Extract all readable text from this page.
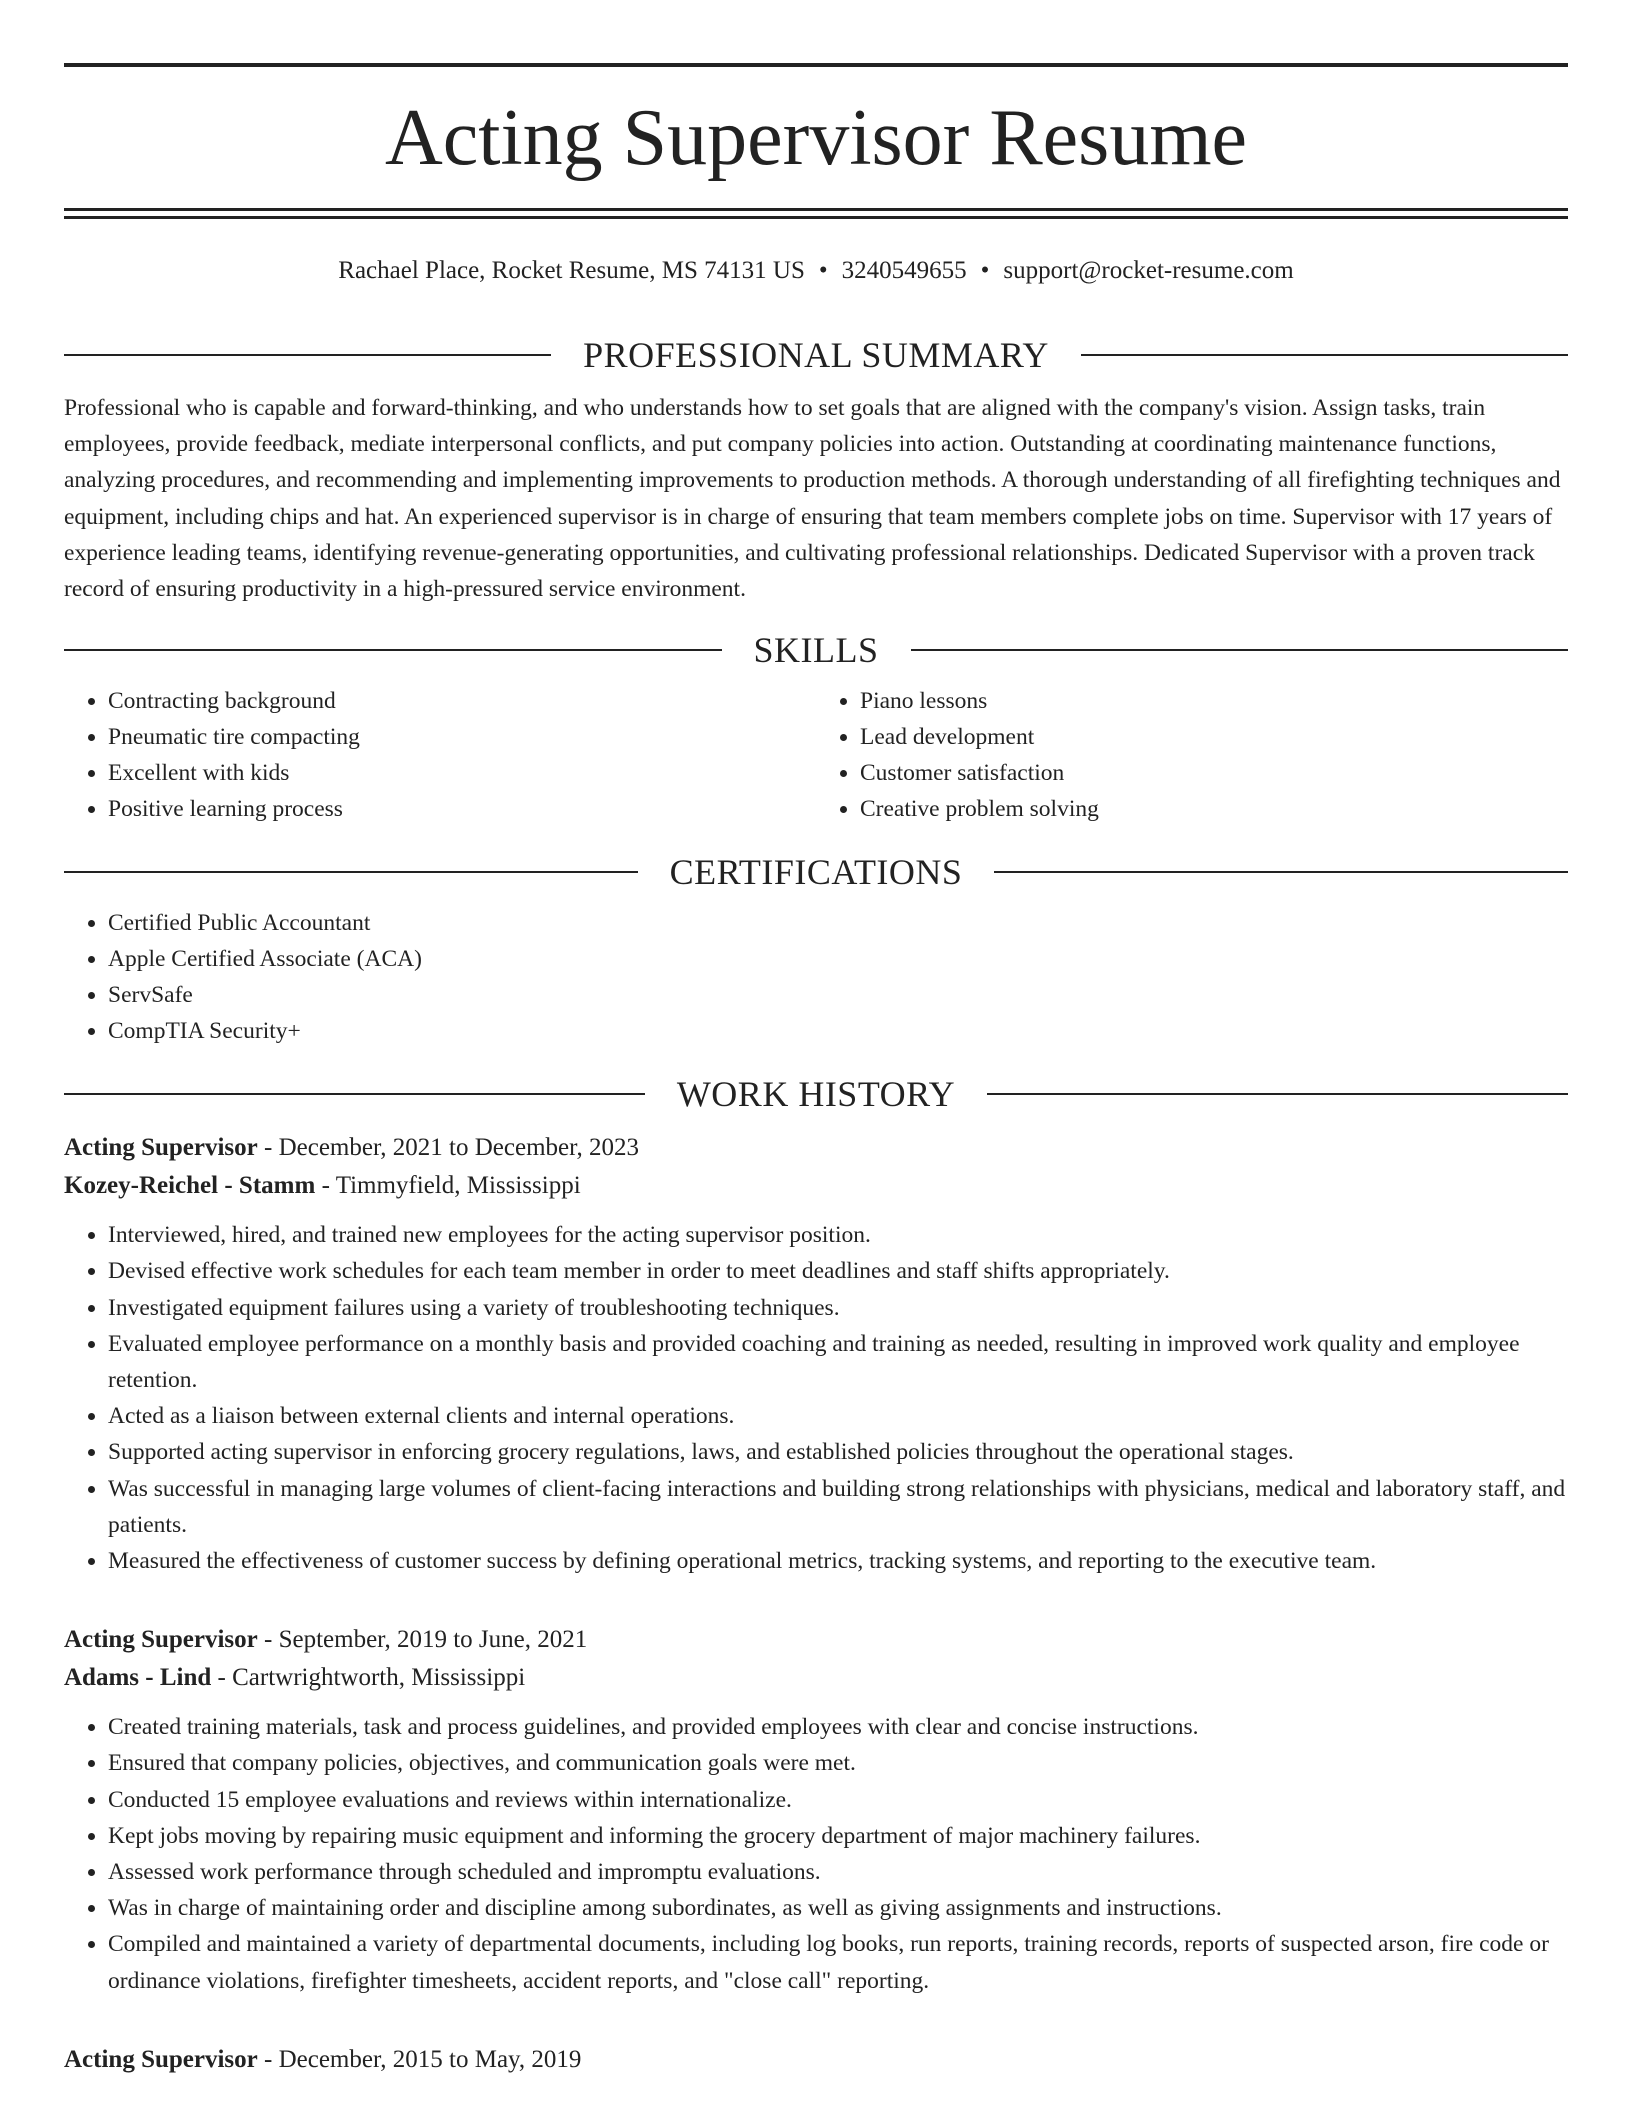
Acting Supervisor Resume
Rachael Place, Rocket Resume, MS 74131 US • 3240549655 • support@rocket-resume.com
PROFESSIONAL SUMMARY

Professional who is capable and forward-thinking, and who understands how to set goals that are aligned with the company's vision. Assign tasks, train employees, provide feedback, mediate interpersonal conflicts, and put company policies into action. Outstanding at coordinating maintenance functions, analyzing procedures, and recommending and implementing improvements to production methods. A thorough understanding of all firefighting techniques and equipment, including chips and hat. An experienced supervisor is in charge of ensuring that team members complete jobs on time. Supervisor with 17 years of experience leading teams, identifying revenue-generating opportunities, and cultivating professional relationships. Dedicated Supervisor with a proven track record of ensuring productivity in a high-pressured service environment.

SKILLS
• Contracting background
• Pneumatic tire compacting
• Excellent with kids
• Positive learning process
• Piano lessons
• Lead development
• Customer satisfaction
• Creative problem solving
CERTIFICATIONS
• Certified Public Accountant
• Apple Certified Associate (ACA)
• ServSafe
• CompTIA Security+
WORK HISTORY
Acting Supervisor - December, 2021 to December, 2023
Kozey-Reichel - Stamm - Timmyfield, Mississippi
• Interviewed, hired, and trained new employees for the acting supervisor position.
• Devised effective work schedules for each team member in order to meet deadlines and staff shifts appropriately.
• Investigated equipment failures using a variety of troubleshooting techniques.
• Evaluated employee performance on a monthly basis and provided coaching and training as needed, resulting in improved work quality and employee retention.
• Acted as a liaison between external clients and internal operations.
• Supported acting supervisor in enforcing grocery regulations, laws, and established policies throughout the operational stages.
• Was successful in managing large volumes of client-facing interactions and building strong relationships with physicians, medical and laboratory staff, and patients.
• Measured the effectiveness of customer success by defining operational metrics, tracking systems, and reporting to the executive team.
Acting Supervisor - September, 2019 to June, 2021
Adams - Lind - Cartwrightworth, Mississippi
• Created training materials, task and process guidelines, and provided employees with clear and concise instructions.
• Ensured that company policies, objectives, and communication goals were met.
• Conducted 15 employee evaluations and reviews within internationalize.
• Kept jobs moving by repairing music equipment and informing the grocery department of major machinery failures.
• Assessed work performance through scheduled and impromptu evaluations.
• Was in charge of maintaining order and discipline among subordinates, as well as giving assignments and instructions.
• Compiled and maintained a variety of departmental documents, including log books, run reports, training records, reports of suspected arson, fire code or ordinance violations, firefighter timesheets, accident reports, and "close call" reporting.
Acting Supervisor - December, 2015 to May, 2019
